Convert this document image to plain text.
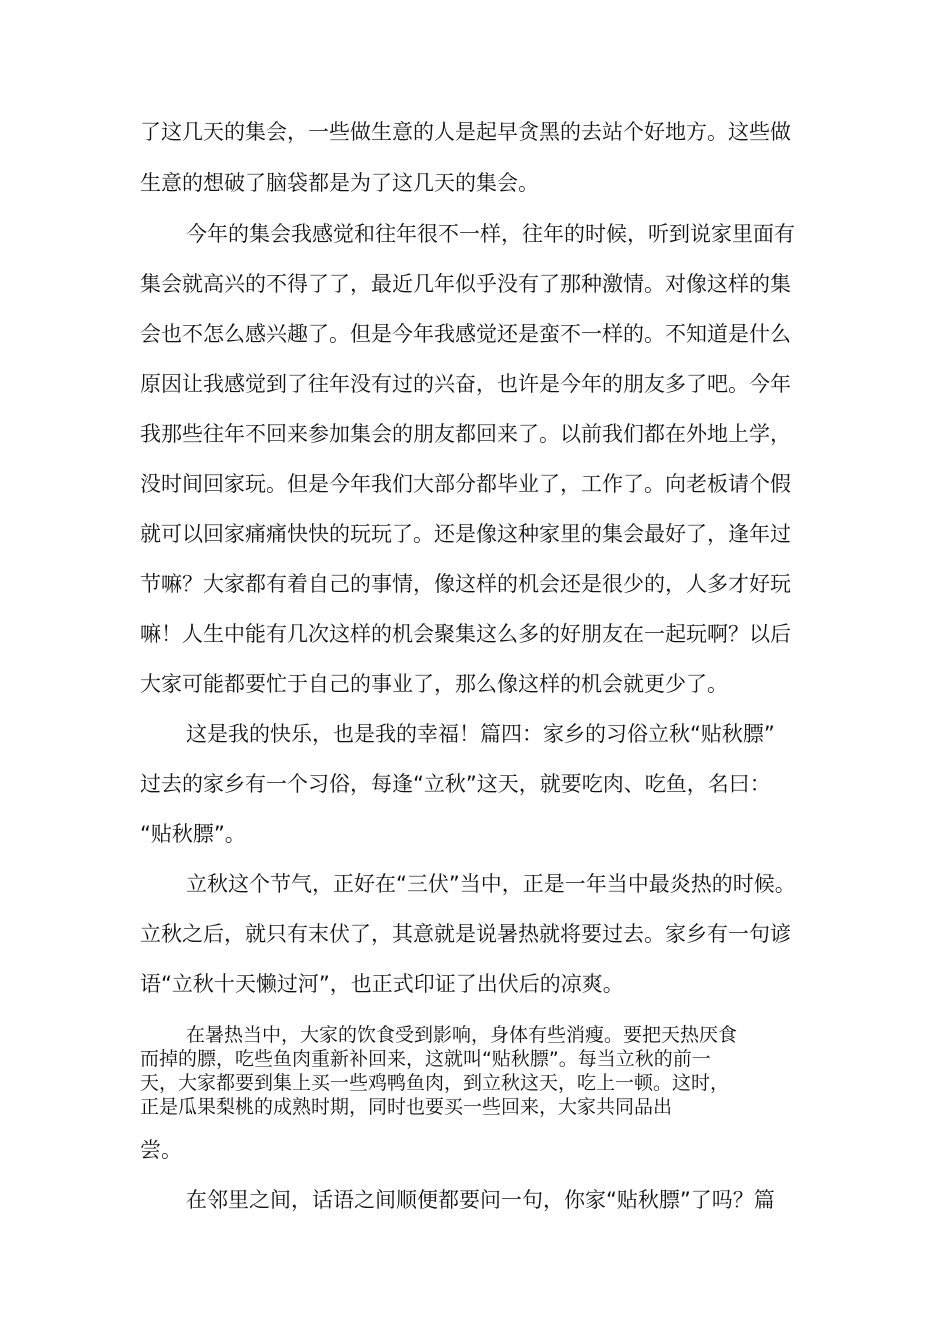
了这几天的集会，一些做生意的人是起早贪黑的去站个好地方。这些做
生意的想破了脑袋都是为了这几天的集会。
今年的集会我感觉和往年很不一样，往年的时候，听到说家里面有
集会就高兴的不得了了，最近几年似乎没有了那种激情。对像这样的集
会也不怎么感兴趣了。但是今年我感觉还是蛮不一样的。不知道是什么
原因让我感觉到了往年没有过的兴奋，也许是今年的朋友多了吧。今年
我那些往年不回来参加集会的朋友都回来了。以前我们都在外地上学，
没时间回家玩。但是今年我们大部分都毕业了，工作了。向老板请个假
就可以回家痛痛快快的玩玩了。还是像这种家里的集会最好了，逢年过
节嘛？大家都有着自己的事情，像这样的机会还是很少的，人多才好玩
嘛！人生中能有几次这样的机会聚集这么多的好朋友在一起玩啊？以后
大家可能都要忙于自己的事业了，那么像这样的机会就更少了。
这是我的快乐，也是我的幸福！篇四：家乡的习俗立秋“贴秋膘”
过去的家乡有一个习俗，每逢“立秋”这天，就要吃肉、吃鱼，名曰：
“贴秋膘”。
立秋这个节气，正好在“三伏”当中，正是一年当中最炎热的时候。
立秋之后，就只有末伏了，其意就是说暑热就将要过去。家乡有一句谚
语“立秋十天懒过河”，也正式印证了出伏后的凉爽。
在暑热当中，大家的饮食受到影响，身体有些消瘦。要把天热厌食
而掉的膘，吃些鱼肉重新补回来，这就叫“贴秋膘”。每当立秋的前一
天，大家都要到集上买一些鸡鸭鱼肉，到立秋这天，吃上一顿。这时，
正是瓜果梨桃的成熟时期，同时也要买一些回来，大家共同品出
尝。
在邻里之间，话语之间顺便都要问一句，你家“贴秋膘”了吗？篇
